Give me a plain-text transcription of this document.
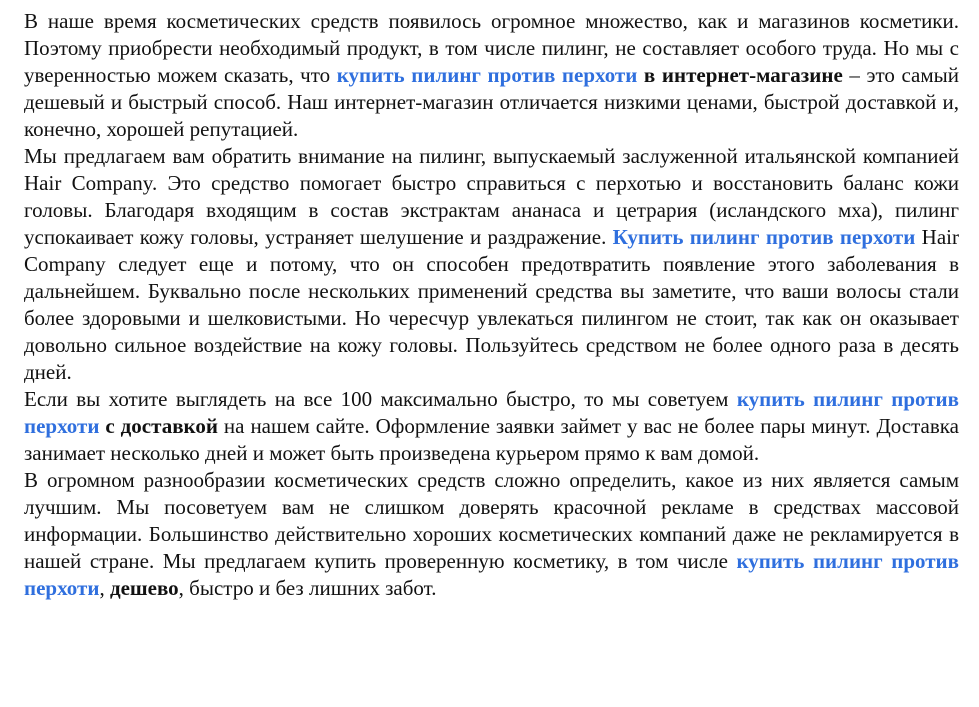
В наше время косметических средств появилось огромное множество, как и магазинов косметики. Поэтому приобрести необходимый продукт, в том числе пилинг, не составляет особого труда. Но мы с уверенностью можем сказать, что купить пилинг против перхоти в интернет-магазине – это самый дешевый и быстрый способ. Наш интернет-магазин отличается низкими ценами, быстрой доставкой и, конечно, хорошей репутацией.

Мы предлагаем вам обратить внимание на пилинг, выпускаемый заслуженной итальянской компанией Hair Company. Это средство помогает быстро справиться с перхотью и восстановить баланс кожи головы. Благодаря входящим в состав экстрактам ананаса и цетрария (исландского мха), пилинг успокаивает кожу головы, устраняет шелушение и раздражение. Купить пилинг против перхоти Hair Company следует еще и потому, что он способен предотвратить появление этого заболевания в дальнейшем. Буквально после нескольких применений средства вы заметите, что ваши волосы стали более здоровыми и шелковистыми. Но чересчур увлекаться пилингом не стоит, так как он оказывает довольно сильное воздействие на кожу головы. Пользуйтесь средством не более одного раза в десять дней.

Если вы хотите выглядеть на все 100 максимально быстро, то мы советуем купить пилинг против перхоти с доставкой на нашем сайте. Оформление заявки займет у вас не более пары минут. Доставка занимает несколько дней и может быть произведена курьером прямо к вам домой.

В огромном разнообразии косметических средств сложно определить, какое из них является самым лучшим. Мы посоветуем вам не слишком доверять красочной рекламе в средствах массовой информации. Большинство действительно хороших косметических компаний даже не рекламируется в нашей стране. Мы предлагаем купить проверенную косметику, в том числе купить пилинг против перхоти, дешево, быстро и без лишних забот.
